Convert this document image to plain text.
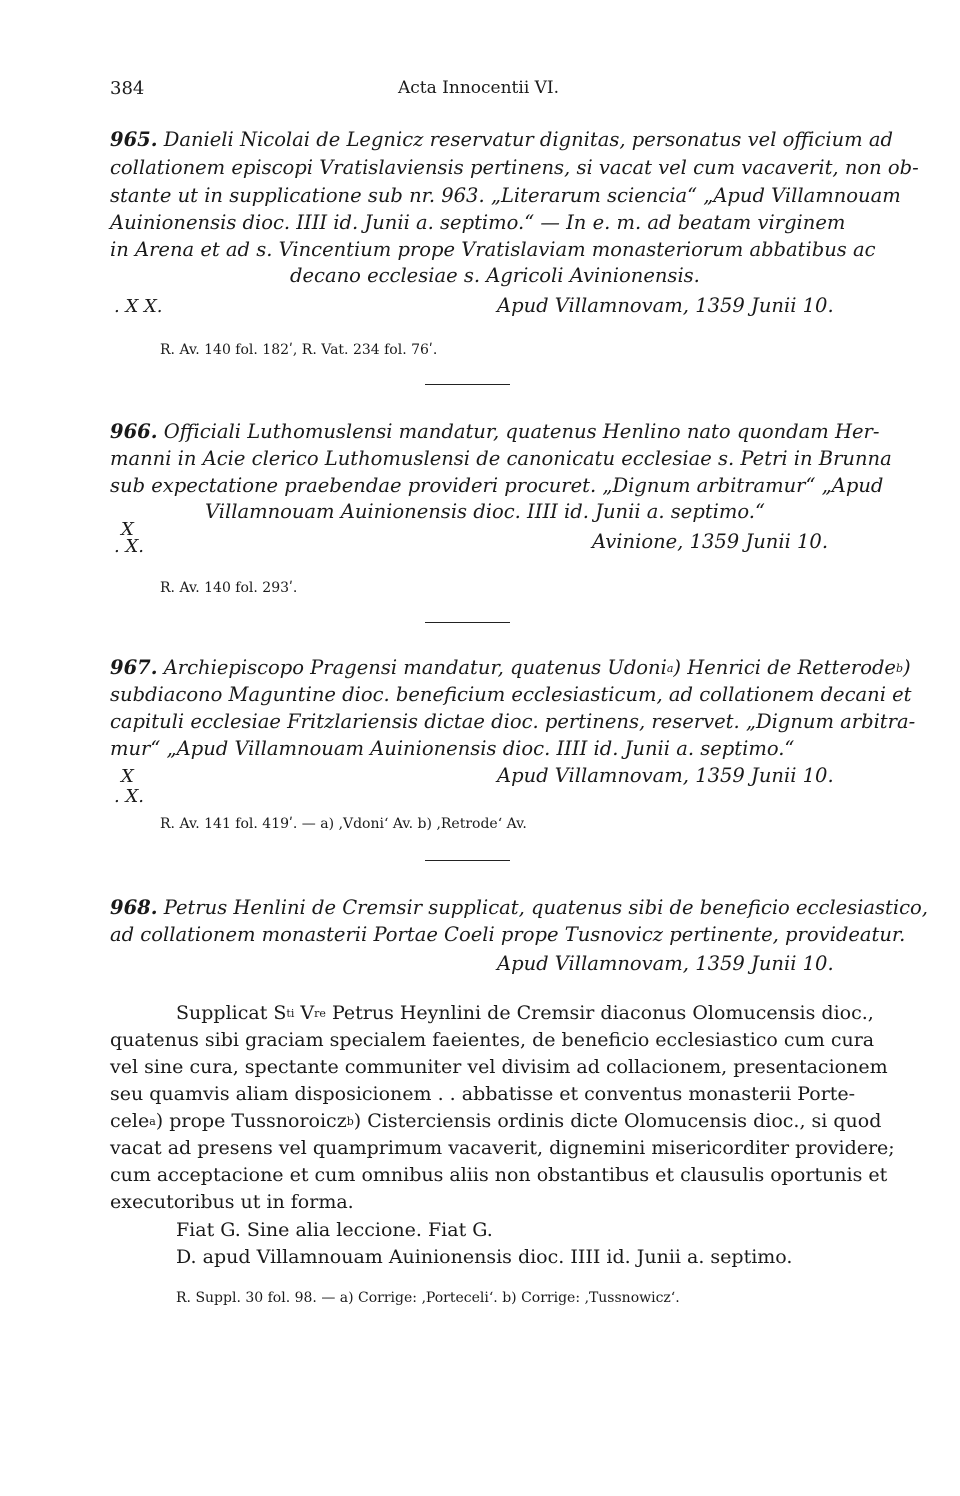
384	Acta Innocentii VI.
965. Danieli Nicolai de Legnicz reservatur dignitas, personatus vel officium ad
collationem episcopi Vratislaviensis pertinens, si vacat vel cum vacaverit, non ob-
stante ut in supplicatione sub nr. 963. „Literarum sciencia“ „Apud Villamnouam
Auinionensis dioc. IIII id. Junii a. septimo.“ — In e. m. ad beatam virginem
in Arena et ad s. Vincentium prope Vratislaviam monasteriorum abbatibus ac
decano ecclesiae s. Agricoli Avinionensis.
. X X.	Apud Villamnovam, 1359 Junii 10.
R. Av. 140 fol. 182ʹ, R. Vat. 234 fol. 76ʹ.
966. Officiali Luthomuslensi mandatur, quatenus Henlino nato quondam Her-
manni in Acie clerico Luthomuslensi de canonicatu ecclesiae s. Petri in Brunna
sub expectatione praebendae provideri procuret. „Dignum arbitramur“ „Apud
Villamnouam Auinionensis dioc. IIII id. Junii a. septimo.“
X
. X.	Avinione, 1359 Junii 10.
R. Av. 140 fol. 293ʹ.
967. Archiepiscopo Pragensi mandatur, quatenus Udoni$^a$) Henrici de Retterode$^b$)
subdiacono Maguntine dioc. beneficium ecclesiasticum, ad collationem decani et
capituli ecclesiae Fritzlariensis dictae dioc. pertinens, reservet. „Dignum arbitra-
mur“ „Apud Villamnouam Auinionensis dioc. IIII id. Junii a. septimo.“
X
. X.
Apud Villamnovam, 1359 Junii 10.
R. Av. 141 fol. 419ʹ. — a) ‚Vdoni‘ Av. b) ‚Retrode‘ Av.
968. Petrus Henlini de Cremsir supplicat, quatenus sibi de beneficio ecclesiastico,
ad collationem monasterii Portae Coeli prope Tusnovicz pertinente, provideatur.
Apud Villamnovam, 1359 Junii 10.
Supplicat $S^{ti}$ Vre Petrus Heynlini de Cremsir diaconus Olomucensis dioc.,
quatenus sibi graciam specialem faeientes, de beneficio ecclesiastico cum cura
vel sine cura, spectante communiter vel divisim ad collacionem, presentacionem
seu quamvis aliam disposicionem . . abbatisse et conventus monasterii Porte-
cele$^a$) prope Tussnoroicz$^b$) Cisterciensis ordinis dicte Olomucensis dioc., si quod
vacat ad presens vel quamprimum vacaverit, dignemini misericorditer providere;
cum acceptacione et cum omnibus aliis non obstantibus et clausulis oportunis et
executoribus ut in forma.
Fiat G. Sine alia leccione. Fiat G.
D. apud Villamnouam Auinionensis dioc. IIII id. Junii a. septimo.
R. Suppl. 30 fol. 98. — a) Corrige: ‚Porteceli‘. b) Corrige: ‚Tussnowicz‘.
